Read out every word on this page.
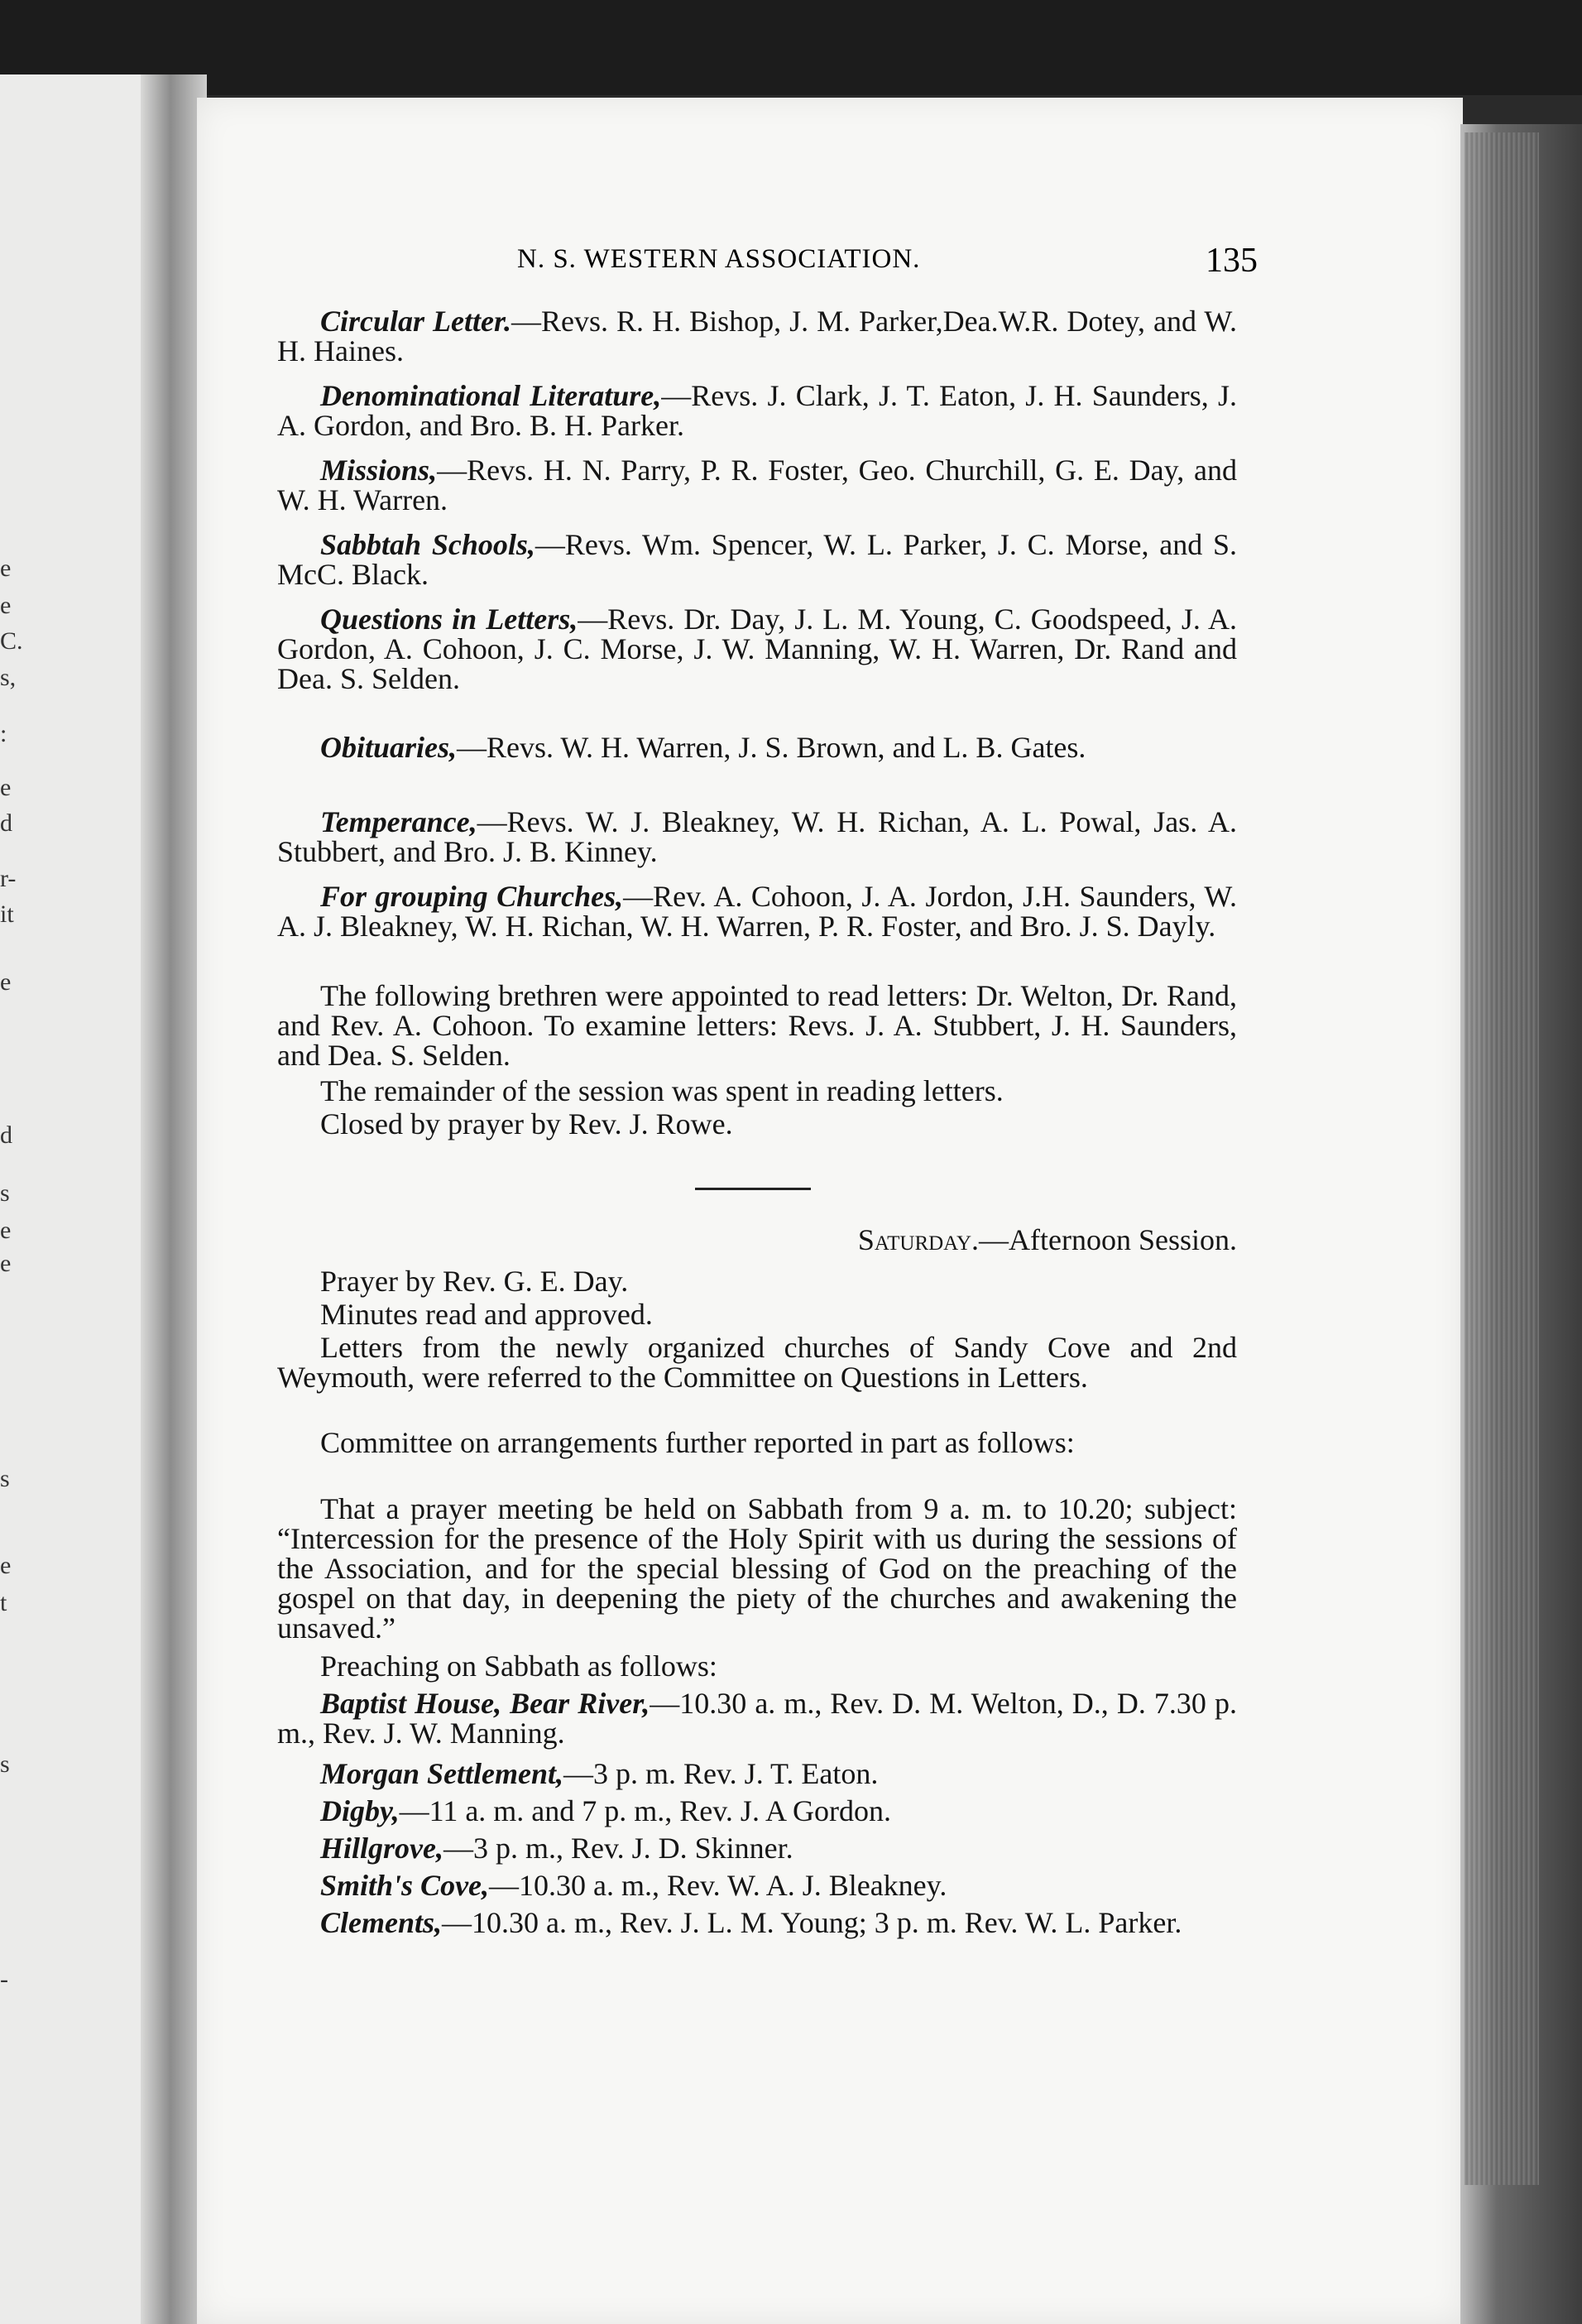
e
e
C.
s,
:
e
d
r-
it
e
d
s
e
e
s
e
t
s
-
N. S. WESTERN ASSOCIATION.	135
Circular Letter.—Revs. R. H. Bishop, J. M. Parker,Dea.W.R. Dotey, and W. H. Haines.
Denominational Literature,—Revs. J. Clark, J. T. Eaton, J. H. Saunders, J. A. Gordon, and Bro. B. H. Parker.
Missions,—Revs. H. N. Parry, P. R. Foster, Geo. Churchill, G. E. Day, and W. H. Warren.
Sabbtah Schools,—Revs. Wm. Spencer, W. L. Parker, J. C. Morse, and S. McC. Black.
Questions in Letters,—Revs. Dr. Day, J. L. M. Young, C. Goodspeed, J. A. Gordon, A. Cohoon, J. C. Morse, J. W. Manning, W. H. Warren, Dr. Rand and Dea. S. Selden.
Obituaries,—Revs. W. H. Warren, J. S. Brown, and L. B. Gates.
Temperance,—Revs. W. J. Bleakney, W. H. Richan, A. L. Powal, Jas. A. Stubbert, and Bro. J. B. Kinney.
For grouping Churches,—Rev. A. Cohoon, J. A. Jordon, J.H. Saunders, W. A. J. Bleakney, W. H. Richan, W. H. Warren, P. R. Foster, and Bro. J. S. Dayly.
The following brethren were appointed to read letters: Dr. Welton, Dr. Rand, and Rev. A. Cohoon. To examine letters: Revs. J. A. Stubbert, J. H. Saunders, and Dea. S. Selden.
The remainder of the session was spent in reading letters.
Closed by prayer by Rev. J. Rowe.
Saturday.—Afternoon Session.
Prayer by Rev. G. E. Day.
Minutes read and approved.
Letters from the newly organized churches of Sandy Cove and 2nd Weymouth, were referred to the Committee on Questions in Letters.
Committee on arrangements further reported in part as follows:
That a prayer meeting be held on Sabbath from 9 a. m. to 10.20; subject: “Intercession for the presence of the Holy Spirit with us during the sessions of the Association, and for the special blessing of God on the preaching of the gospel on that day, in deepening the piety of the churches and awakening the unsaved.”
Preaching on Sabbath as follows:
Baptist House, Bear River,—10.30 a. m., Rev. D. M. Welton, D., D. 7.30 p. m., Rev. J. W. Manning.
Morgan Settlement,—3 p. m. Rev. J. T. Eaton.
Digby,—11 a. m. and 7 p. m., Rev. J. A Gordon.
Hillgrove,—3 p. m., Rev. J. D. Skinner.
Smith's Cove,—10.30 a. m., Rev. W. A. J. Bleakney.
Clements,—10.30 a. m., Rev. J. L. M. Young; 3 p. m. Rev. W. L. Parker.
